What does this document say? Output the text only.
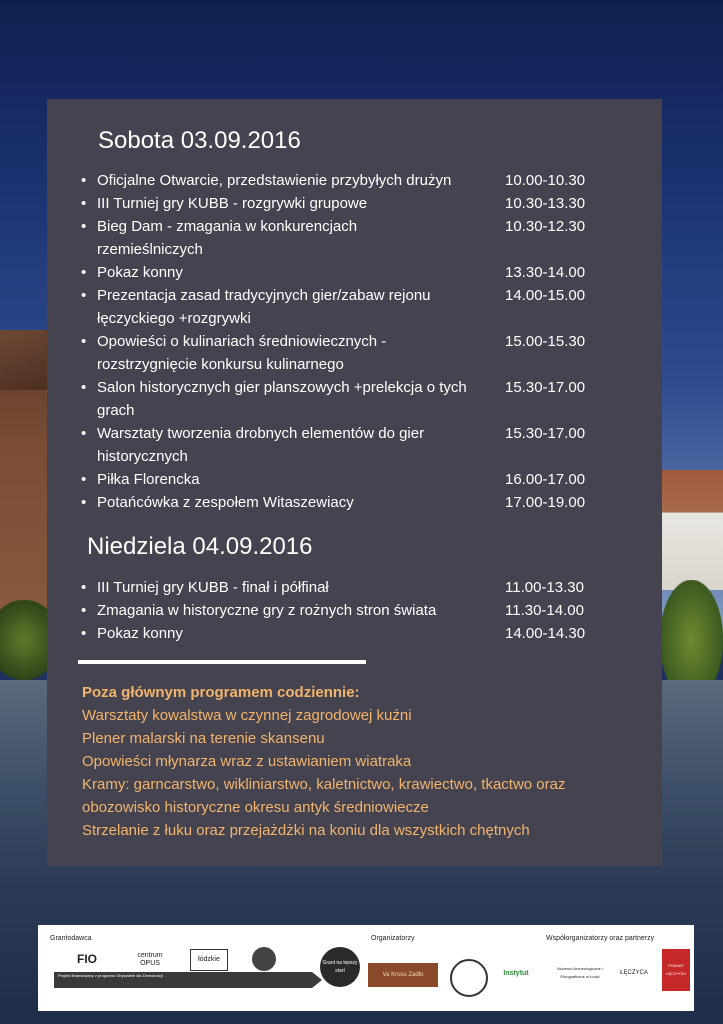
Sobota 03.09.2016
• Oficjalne Otwarcie, przedstawienie przybyłych drużyn	10.00-10.30
• III Turniej gry KUBB - rozgrywki grupowe	10.30-13.30
• Bieg Dam - zmagania w konkurencjach rzemieślniczych
10.30-12.30
• Pokaz konny	13.30-14.00
• Prezentacja zasad tradycyjnych gier/zabaw rejonu łęczyckiego +rozgrywki
14.00-15.00
• Opowieści o kulinariach średniowiecznych - rozstrzygnięcie konkursu kulinarnego
15.00-15.30
• Salon historycznych gier planszowych +prelekcja o tych grach
15.30-17.00
• Warsztaty tworzenia drobnych elementów do gier historycznych
15.30-17.00
• Piłka Florencka	16.00-17.00
• Potańcówka z zespołem Witaszewiacy	17.00-19.00
Niedziela 04.09.2016
• III Turniej gry KUBB - finał i półfinał	11.00-13.30
• Zmagania w historyczne gry z rożnych stron świata	11.30-14.00
• Pokaz konny	14.00-14.30
Poza głównym programem codziennie:
Warsztaty kowalstwa w czynnej zagrodowej kuźni
Plener malarski na terenie skansenu
Opowieści młynarza wraz z ustawianiem wiatraka
Kramy: garncarstwo, wikliniarstwo, kaletnictwo, krawiectwo, tkactwo oraz
obozowisko historyczne okresu antyk średniowiecze
Strzelanie z łuku oraz przejażdżki na koniu dla wszystkich chętnych
Grantodawca	Organizatorzy	Współorganizatorzy oraz partnerzy
FIO	centrum OPUS
łódzkie
Projekt finansowany z programu Obywatele dla Demokracji
Grant na lepszy start
Va Krosu Zadło	Instytut
Muzeum Archeologiczne i Etnograficzne w Łodzi
ŁĘCZYCA
POWIAT ŁĘCZYCKI
